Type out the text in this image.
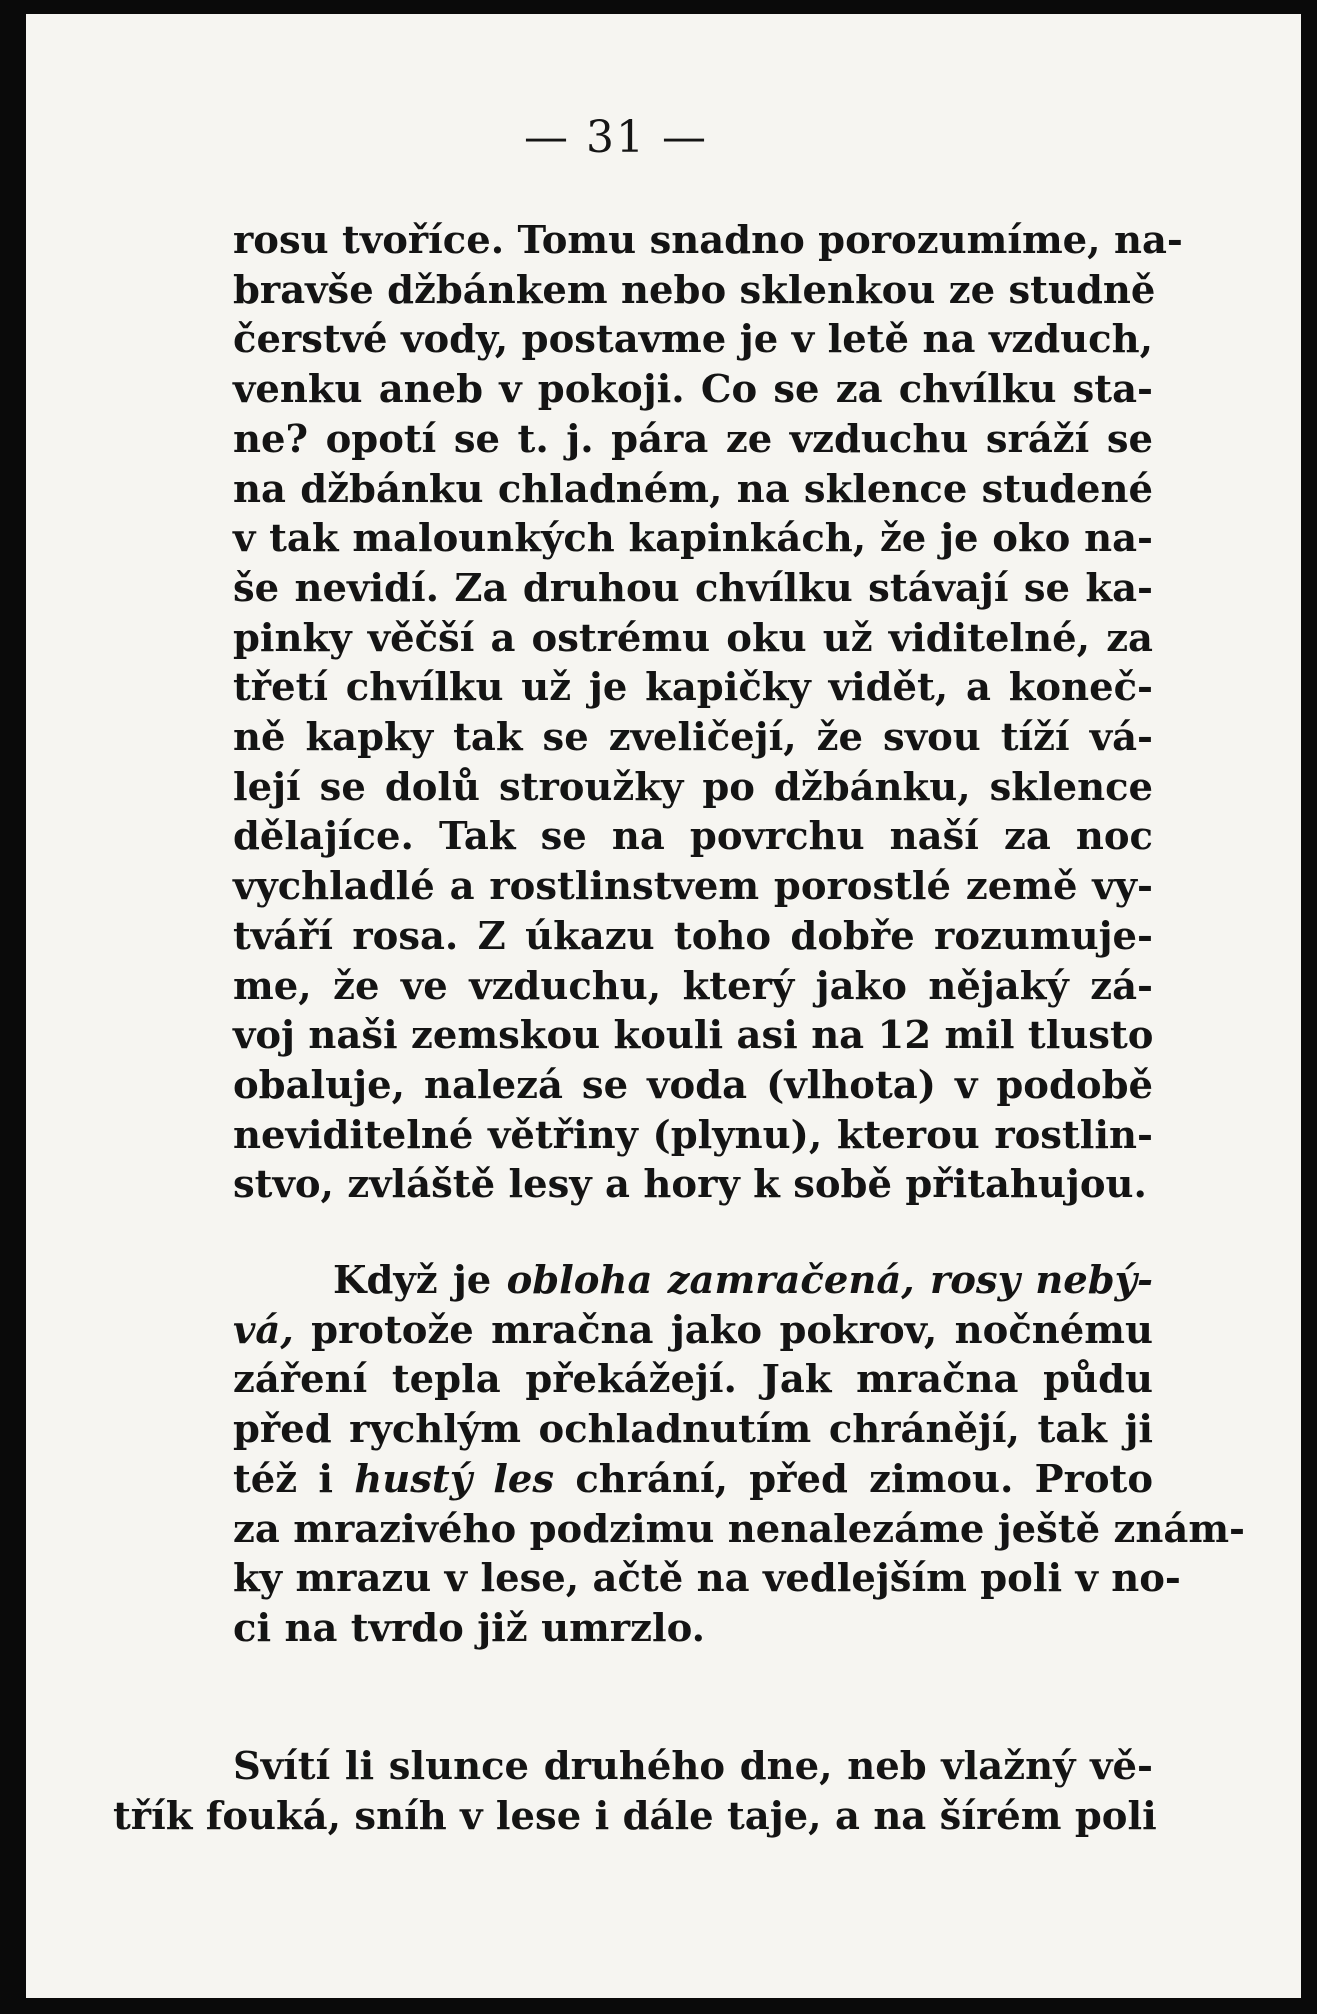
— 31 —
rosu tvoříce. Tomu snadno porozumíme, na-
bravše džbánkem nebo sklenkou ze studně
čerstvé vody, postavme je v letě na vzduch,
venku aneb v pokoji. Co se za chvílku sta-
ne? opotí se t. j. pára ze vzduchu sráží se
na džbánku chladném, na sklence studené
v tak malounkých kapinkách, že je oko na-
še nevidí. Za druhou chvílku stávají se ka-
pinky věčší a ostrému oku už viditelné, za
třetí chvílku už je kapičky vidět, a koneč-
ně kapky tak se zveličejí, že svou tíží vá-
lejí se dolů stroužky po džbánku, sklence
dělajíce. Tak se na povrchu naší za noc
vychladlé a rostlinstvem porostlé země vy-
tváří rosa. Z úkazu toho dobře rozumuje-
me, že ve vzduchu, který jako nějaký zá-
voj naši zemskou kouli asi na 12 mil tlusto
obaluje, nalezá se voda (vlhota) v podobě
neviditelné větřiny (plynu), kterou rostlin-
stvo, zvláště lesy a hory k sobě přitahujou.
Když je obloha zamračená, rosy nebý-
vá, protože mračna jako pokrov, nočnému
záření tepla překážejí. Jak mračna půdu
před rychlým ochladnutím chránějí, tak ji
též i hustý les chrání, před zimou. Proto
za mrazivého podzimu nenalezáme ještě znám-
ky mrazu v lese, ačtě na vedlejším poli v no-
ci na tvrdo již umrzlo.
Svítí li slunce druhého dne, neb vlažný vě-
třík fouká, sníh v lese i dále taje, a na šírém poli
